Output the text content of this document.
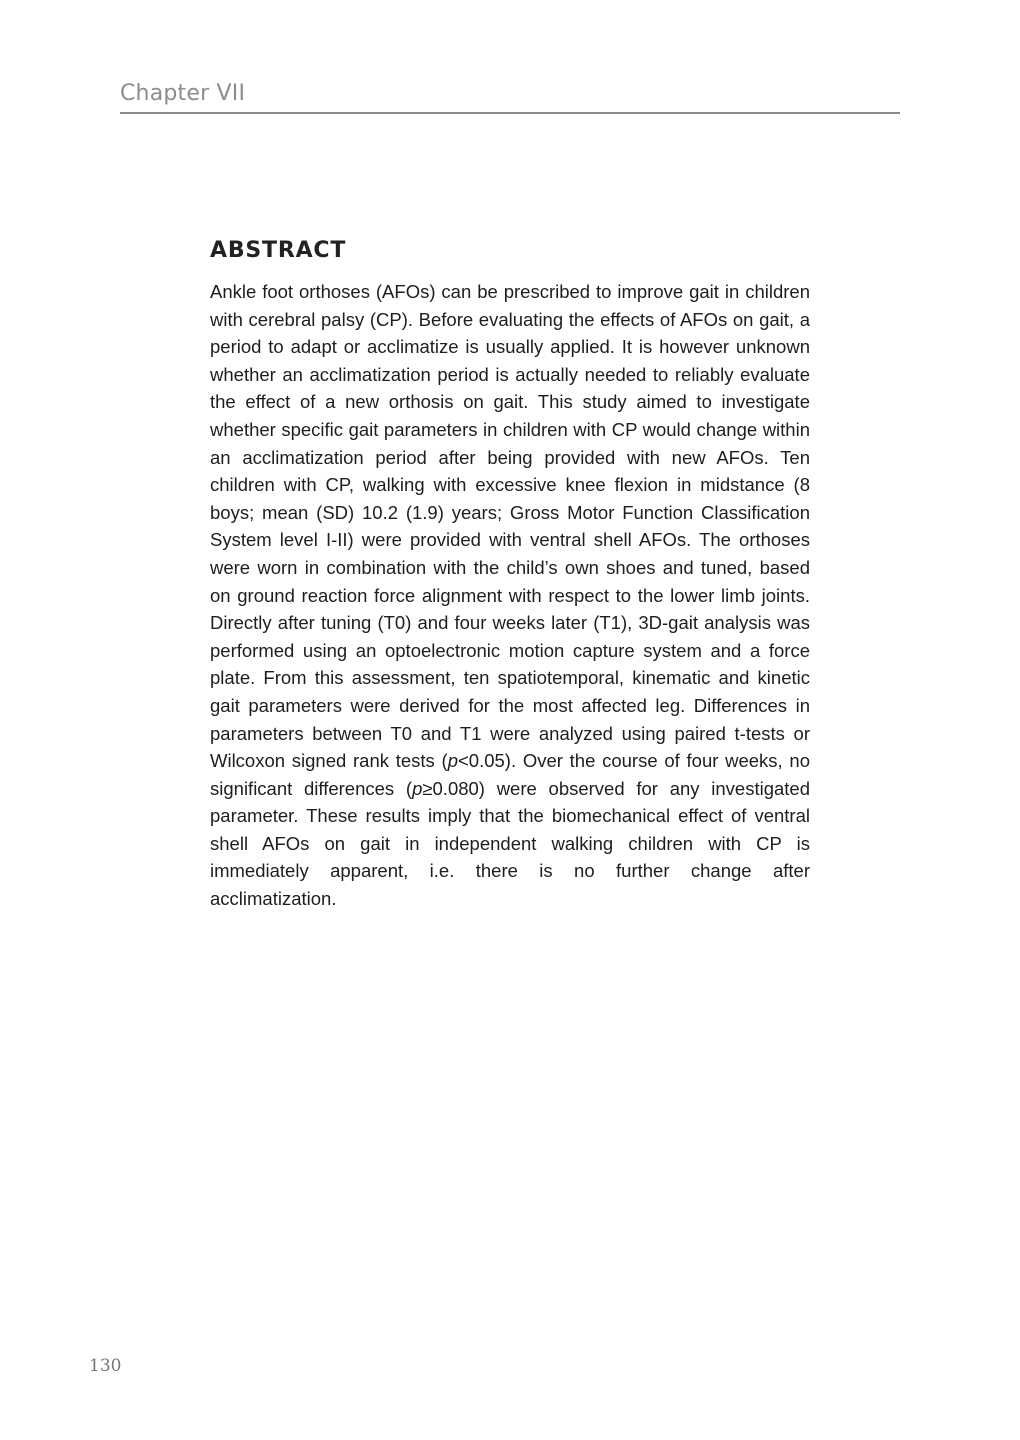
Chapter VII
ABSTRACT

Ankle foot orthoses (AFOs) can be prescribed to improve gait in children with cerebral palsy (CP). Before evaluating the effects of AFOs on gait, a period to adapt or acclimatize is usually applied. It is however unknown whether an acclimatization period is actually needed to reliably evaluate the effect of a new orthosis on gait. This study aimed to investigate whether specific gait parameters in children with CP would change within an acclimatization period after being provided with new AFOs. Ten children with CP, walking with excessive knee flexion in midstance (8 boys; mean (SD) 10.2 (1.9) years; Gross Motor Function Classification System level I-II) were provided with ventral shell AFOs. The orthoses were worn in combination with the child’s own shoes and tuned, based on ground reaction force alignment with respect to the lower limb joints. Directly after tuning (T0) and four weeks later (T1), 3D-gait analysis was performed using an optoelectronic motion capture system and a force plate. From this assessment, ten spatiotemporal, kinematic and kinetic gait parameters were derived for the most affected leg. Differences in parameters between T0 and T1 were analyzed using paired t-tests or Wilcoxon signed rank tests (p<0.05). Over the course of four weeks, no significant differences (p≥0.080) were observed for any investigated parameter. These results imply that the biomechanical effect of ventral shell AFOs on gait in independent walking children with CP is immediately apparent, i.e. there is no further change after acclimatization.

130
